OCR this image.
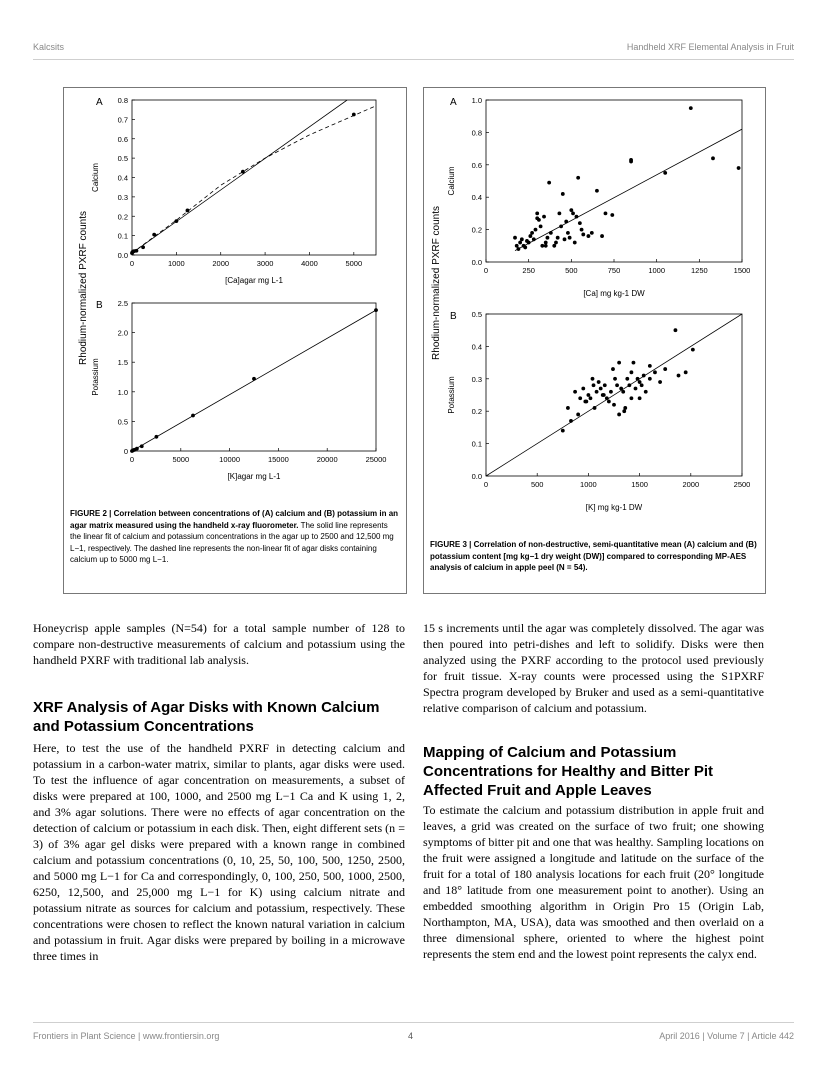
Kalcsits	Handheld XRF Elemental Analysis in Fruit
Rhodium-normalized PXRF counts
A
0.0
0.1
0.2
0.3
0.4
0.5
0.6
0.7
0.8
0	1000	2000	3000	4000	5000
Calcium
[Ca]agar mg L-1
B
0
0.5
1.0
1.5
2.0
2.5
0	5000	10000	15000	20000	25000
Potassium
[K]agar mg L-1
FIGURE 2 | Correlation between concentrations of (A) calcium and (B) potassium in an agar matrix measured using the handheld x-ray fluorometer. The solid line represents the linear fit of calcium and potassium concentrations in the agar up to 2500 and 12,500 mg L−1, respectively. The dashed line represents the non-linear fit of agar disks containing calcium up to 5000 mg L−1.
Rhodium-normalized PXRF counts
A
0.0
0.2
0.4
0.6
0.8
1.0
0	250	500	750	1000	1250	1500
Calcium
[Ca] mg kg-1 DW
B
0.0
0.1
0.2
0.3
0.4
0.5
0	500	1000	1500	2000	2500
Potassium
[K] mg kg-1 DW
FIGURE 3 | Correlation of non-destructive, semi-quantitative mean (A) calcium and (B) potassium content [mg kg−1 dry weight (DW)] compared to corresponding MP-AES analysis of calcium in apple peel (N = 54).
Honeycrisp apple samples (N=54) for a total sample number of 128 to compare non-destructive measurements of calcium and potassium using the handheld PXRF with traditional lab analysis.
XRF Analysis of Agar Disks with Known Calcium and Potassium Concentrations
Here, to test the use of the handheld PXRF in detecting calcium and potassium in a carbon-water matrix, similar to plants, agar disks were used. To test the influence of agar concentration on measurements, a subset of disks were prepared at 100, 1000, and 2500 mg L−1 Ca and K using 1, 2, and 3% agar solutions. There were no effects of agar concentration on the detection of calcium or potassium in each disk. Then, eight different sets (n = 3) of 3% agar gel disks were prepared with a known range in combined calcium and potassium concentrations (0, 10, 25, 50, 100, 500, 1250, 2500, and 5000 mg L−1 for Ca and correspondingly, 0, 100, 250, 500, 1000, 2500, 6250, 12,500, and 25,000 mg L−1 for K) using calcium nitrate and potassium nitrate as sources for calcium and potassium, respectively. These concentrations were chosen to reflect the known natural variation in calcium and potassium in fruit. Agar disks were prepared by boiling in a microwave three times in
15 s increments until the agar was completely dissolved. The agar was then poured into petri-dishes and left to solidify. Disks were then analyzed using the PXRF according to the protocol used previously for fruit tissue. X-ray counts were processed using the S1PXRF Spectra program developed by Bruker and used as a semi-quantitative relative comparison of calcium and potassium.
Mapping of Calcium and Potassium Concentrations for Healthy and Bitter Pit Affected Fruit and Apple Leaves
To estimate the calcium and potassium distribution in apple fruit and leaves, a grid was created on the surface of two fruit; one showing symptoms of bitter pit and one that was healthy. Sampling locations on the fruit were assigned a longitude and latitude on the surface of the fruit for a total of 180 analysis locations for each fruit (20° longitude and 18° latitude from one measurement point to another). Using an embedded smoothing algorithm in Origin Pro 15 (Origin Lab, Northampton, MA, USA), data was smoothed and then overlaid on a three dimensional sphere, oriented to where the highest point represents the stem end and the lowest point represents the calyx end.
Frontiers in Plant Science | www.frontiersin.org	4	April 2016 | Volume 7 | Article 442
